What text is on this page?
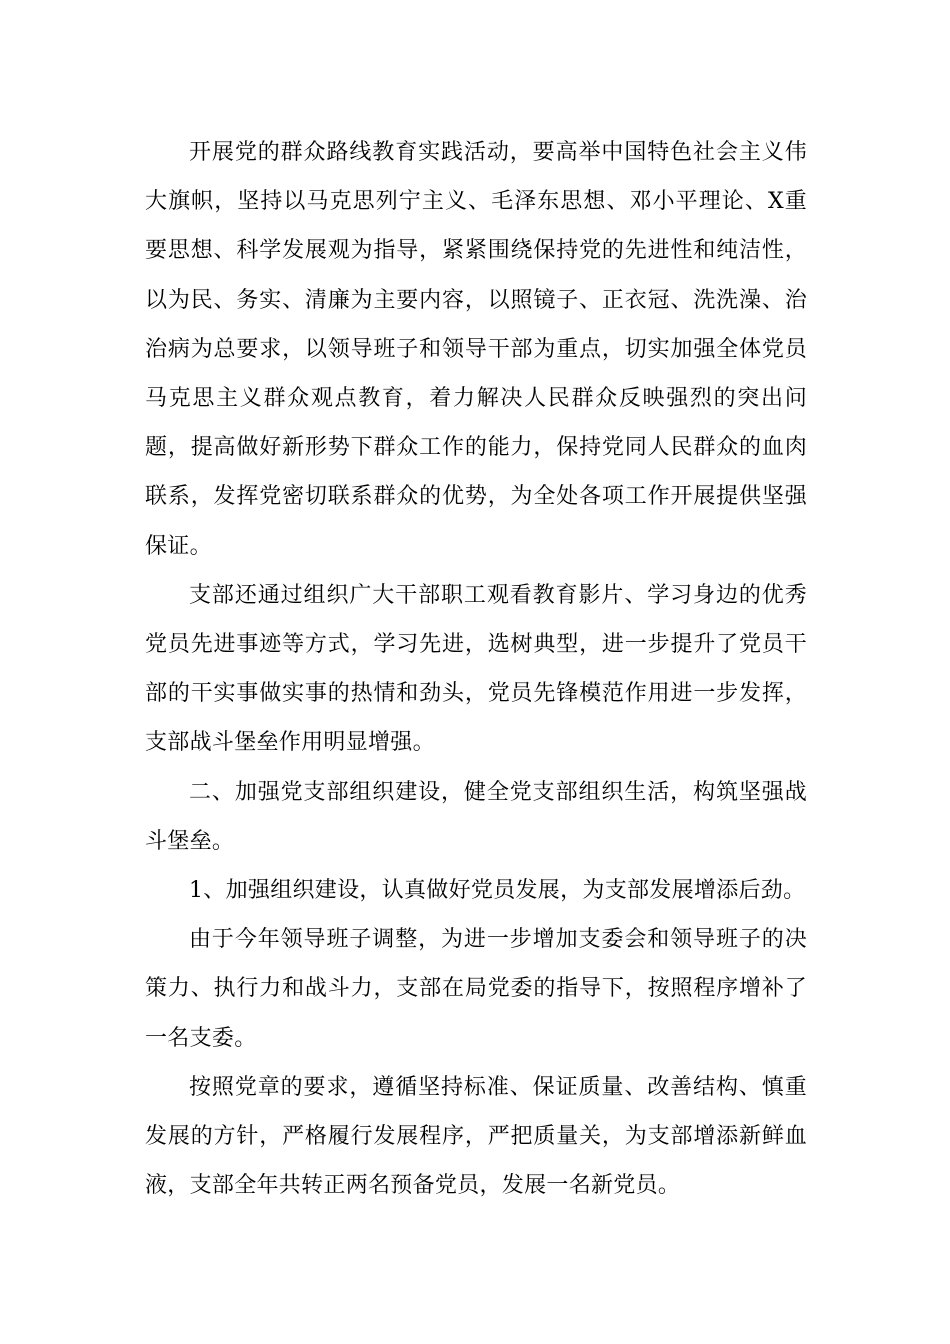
开展党的群众路线教育实践活动，要高举中国特色社会主义伟大旗帜，坚持以马克思列宁主义、毛泽东思想、邓小平理论、X重要思想、科学发展观为指导，紧紧围绕保持党的先进性和纯洁性，以为民、务实、清廉为主要内容，以照镜子、正衣冠、洗洗澡、治治病为总要求，以领导班子和领导干部为重点，切实加强全体党员马克思主义群众观点教育，着力解决人民群众反映强烈的突出问题，提高做好新形势下群众工作的能力，保持党同人民群众的血肉联系，发挥党密切联系群众的优势，为全处各项工作开展提供坚强保证。

支部还通过组织广大干部职工观看教育影片、学习身边的优秀党员先进事迹等方式，学习先进，选树典型，进一步提升了党员干部的干实事做实事的热情和劲头，党员先锋模范作用进一步发挥，支部战斗堡垒作用明显增强。

二、加强党支部组织建设，健全党支部组织生活，构筑坚强战斗堡垒。

1、加强组织建设，认真做好党员发展，为支部发展增添后劲。

由于今年领导班子调整，为进一步增加支委会和领导班子的决策力、执行力和战斗力，支部在局党委的指导下，按照程序增补了一名支委。

按照党章的要求，遵循坚持标准、保证质量、改善结构、慎重发展的方针，严格履行发展程序，严把质量关，为支部增添新鲜血液，支部全年共转正两名预备党员，发展一名新党员。
